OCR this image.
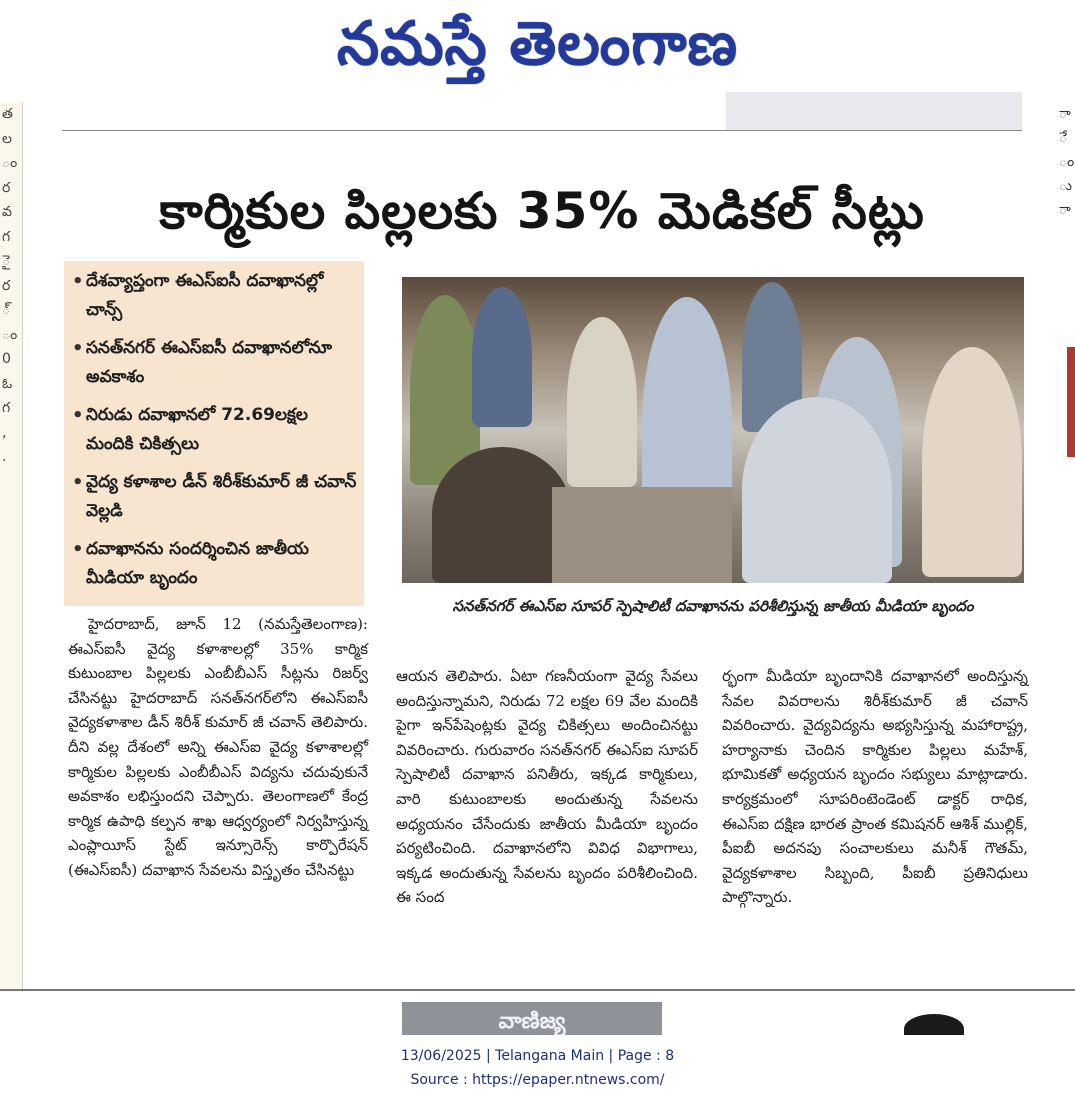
నమస్తే తెలంగాణ
త
ల
ం
ర
వ
గ
ై
ర
్
ం
0
ఓ
గ
,
.
ా
ే
ం
ు
ా
కార్మికుల పిల్లలకు 35% మెడికల్ సీట్లు
• దేశవ్యాప్తంగా ఈఎస్ఐసీ దవాఖానల్లో చాన్స్
• సనత్‌నగర్ ఈఎస్ఐసీ దవాఖానలోనూ అవకాశం
• నిరుడు దవాఖానలో 72.69లక్షల మందికి చికిత్సలు
• వైద్య కళాశాల డీన్ శిరీశ్‌కుమార్ జీ చవాన్ వెల్లడి
• దవాఖానను సందర్శించిన జాతీయ మీడియా బృందం
సనత్‌నగర్ ఈఎస్ఐ సూపర్ స్పెషాలిటీ దవాఖానను పరిశీలిస్తున్న జాతీయ మీడియా బృందం

హైదరాబాద్, జూన్ 12 (నమస్తేతెలంగాణ): ఈఎస్ఐసీ వైద్య కళాశాలల్లో 35% కార్మిక కుటుంబాల పిల్లలకు ఎంబీబీఎస్ సీట్లను రిజర్వ్ చేసినట్టు హైదరాబాద్ సనత్‌నగర్‌లోని ఈఎస్ఐసీ వైద్యకళాశాల డీన్ శిరీశ్ కుమార్ జీ చవాన్ తెలిపారు. దీని వల్ల దేశంలో అన్ని ఈఎస్ఐ వైద్య కళాశాలల్లో కార్మికుల పిల్లలకు ఎంబీబీఎస్ విద్యను చదువుకునే అవకాశం లభిస్తుందని చెప్పారు. తెలంగాణలో కేంద్ర కార్మిక ఉపాధి కల్పన శాఖ ఆధ్వర్యంలో నిర్వహిస్తున్న ఎంప్లాయీస్ స్టేట్ ఇన్సూరెన్స్ కార్పొరేషన్ (ఈఎస్ఐసీ) దవాఖాన సేవలను విస్తృతం చేసినట్టు

ఆయన తెలిపారు. ఏటా గణనీయంగా వైద్య సేవలు అందిస్తున్నామని, నిరుడు 72 లక్షల 69 వేల మందికి పైగా ఇన్‌పేషెంట్లకు వైద్య చికిత్సలు అందించినట్టు వివరించారు. గురువారం సనత్‌నగర్ ఈఎస్ఐ సూపర్ స్పెషాలిటీ దవాఖాన పనితీరు, ఇక్కడ కార్మికులు, వారి కుటుంబాలకు అందుతున్న సేవలను అధ్యయనం చేసేందుకు జాతీయ మీడియా బృందం పర్యటించింది. దవాఖానలోని వివిధ విభాగాలు, ఇక్కడ అందుతున్న సేవలను బృందం పరిశీలించింది. ఈ సంద

ర్భంగా మీడియా బృందానికి దవాఖానలో అందిస్తున్న సేవల వివరాలను శిరీశ్‌కుమార్ జీ చవాన్ వివరించారు. వైద్యవిద్యను అభ్యసిస్తున్న మహారాష్ట్ర, హర్యానాకు చెందిన కార్మికుల పిల్లలు మహేశ్, భూమికతో అధ్యయన బృందం సభ్యులు మాట్లాడారు. కార్యక్రమంలో సూపరింటెండెంట్ డాక్టర్ రాధిక, ఈఎస్ఐ దక్షిణ భారత ప్రాంత కమిషనర్ ఆశిశ్ ముల్లిక్, పీఐబీ అదనపు సంచాలకులు మనీశ్ గౌతమ్, వైద్యకళాశాల సిబ్బంది, పీఐబీ ప్రతినిధులు పాల్గొన్నారు.

వాణిజ్య
13/06/2025 | Telangana Main | Page : 8
Source : https://epaper.ntnews.com/
